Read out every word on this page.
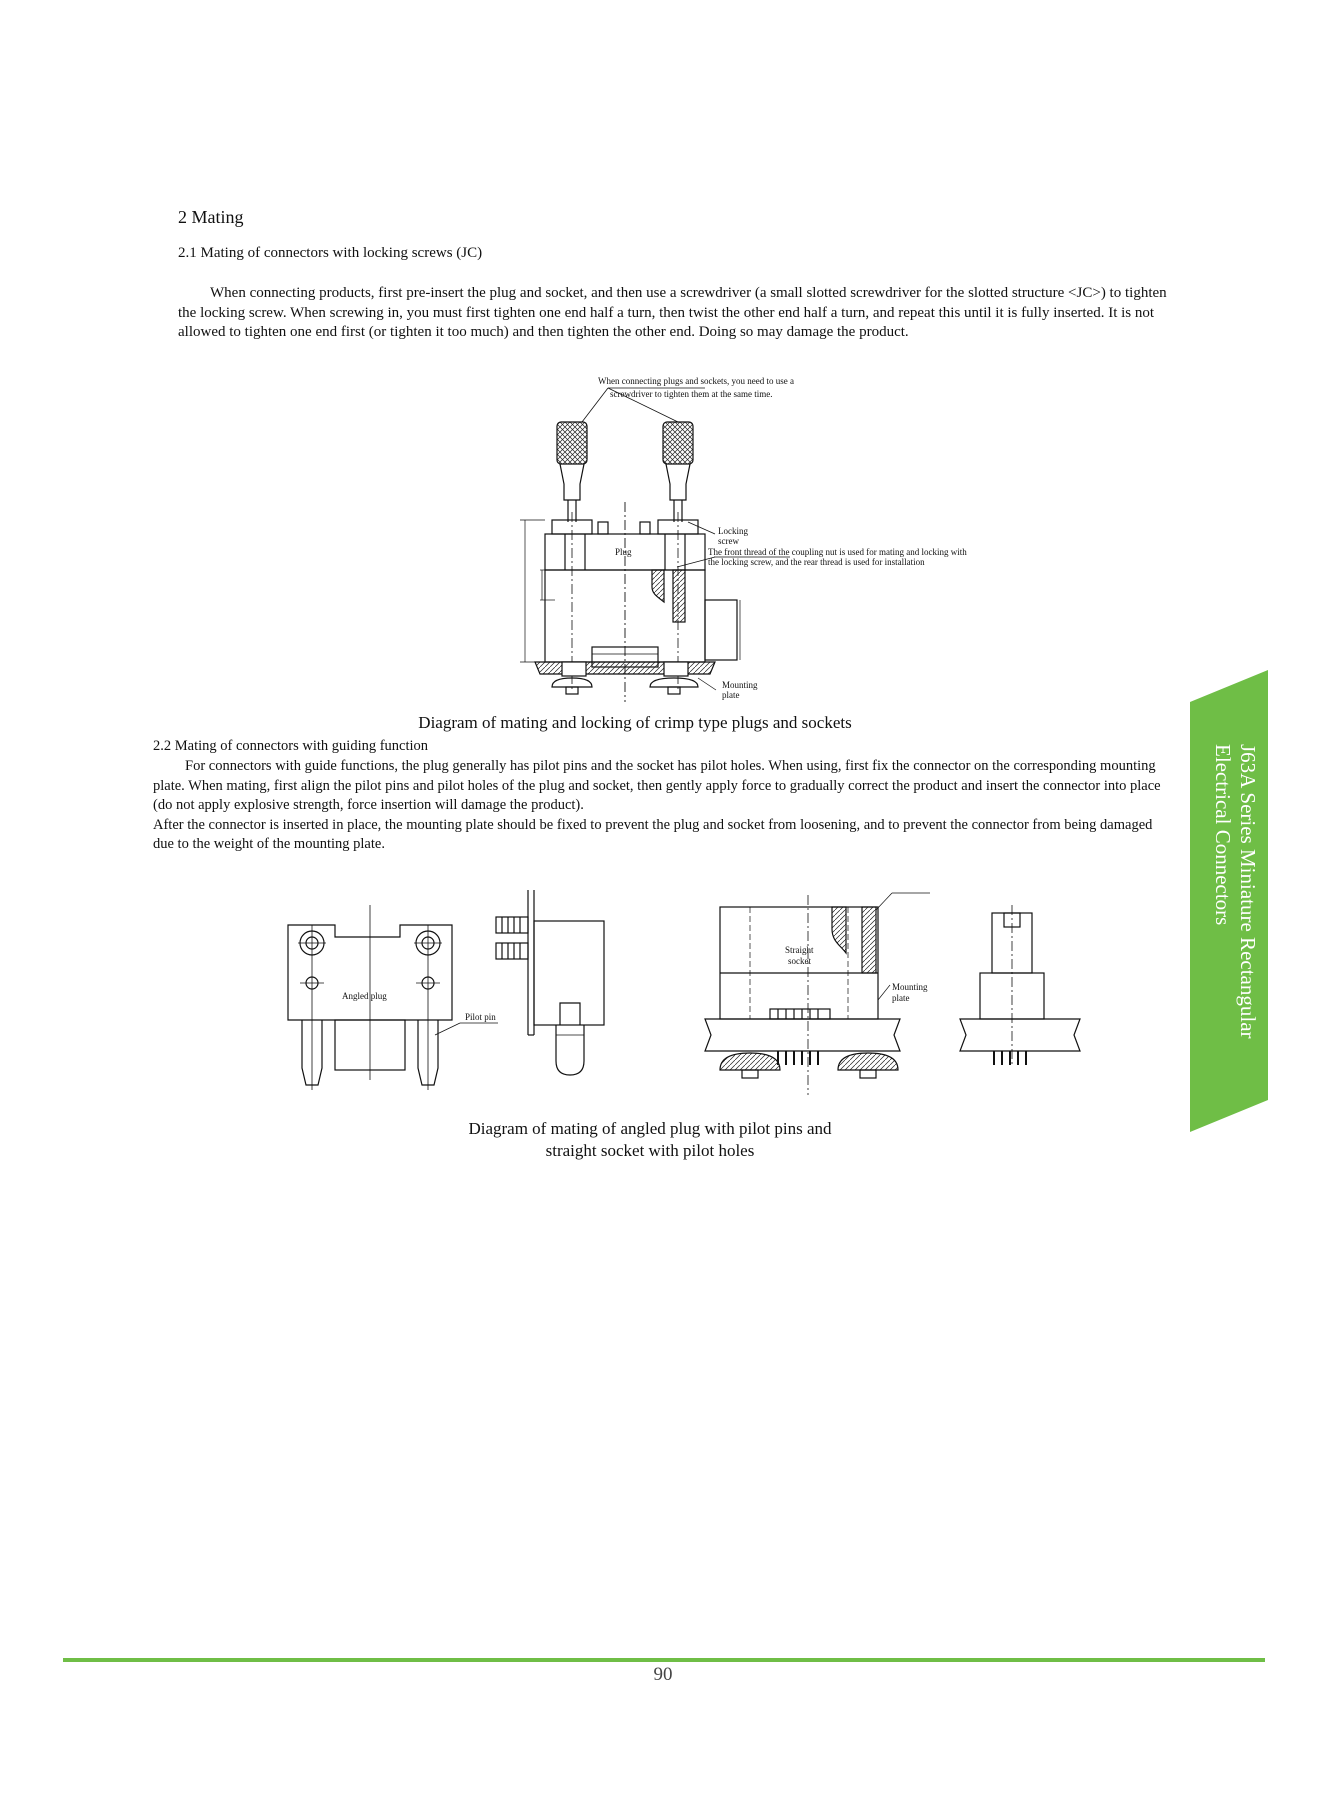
2 Mating
2.1 Mating of connectors with locking screws (JC)
When connecting products, first pre-insert the plug and socket, and then use a screwdriver (a small slotted screwdriver for the slotted structure <JC>) to tighten the locking screw. When screwing in, you must first tighten one end half a turn, then twist the other end half a turn, and repeat this until it is fully inserted. It is not allowed to tighten one end first (or tighten it too much) and then tighten the other end. Doing so may damage the product.
When connecting plugs and sockets, you need to use a
screwdriver to tighten them at the same time.
Plug
Locking
screw
The front thread of the coupling nut is used for mating and locking with
the locking screw, and the rear thread is used for installation
Mounting
plate
Diagram of mating and locking of crimp type plugs and sockets
2.2 Mating of connectors with guiding function
For connectors with guide functions, the plug generally has pilot pins and the socket has pilot holes. When using, first fix the connector on the corresponding mounting plate. When mating, first align the pilot pins and pilot holes of the plug and socket, then gently apply force to gradually correct the product and insert the connector into place (do not apply explosive strength, force insertion will damage the product).
After the connector is inserted in place, the mounting plate should be fixed to prevent the plug and socket from loosening, and to prevent the connector from being damaged due to the weight of the mounting plate.
Angled plug
Pilot pin
Straight
socket
Mounting
plate
Diagram of mating of angled plug with pilot pins and
straight socket with pilot holes
J63A Series Miniature Rectangular
Electrical Connectors
90
